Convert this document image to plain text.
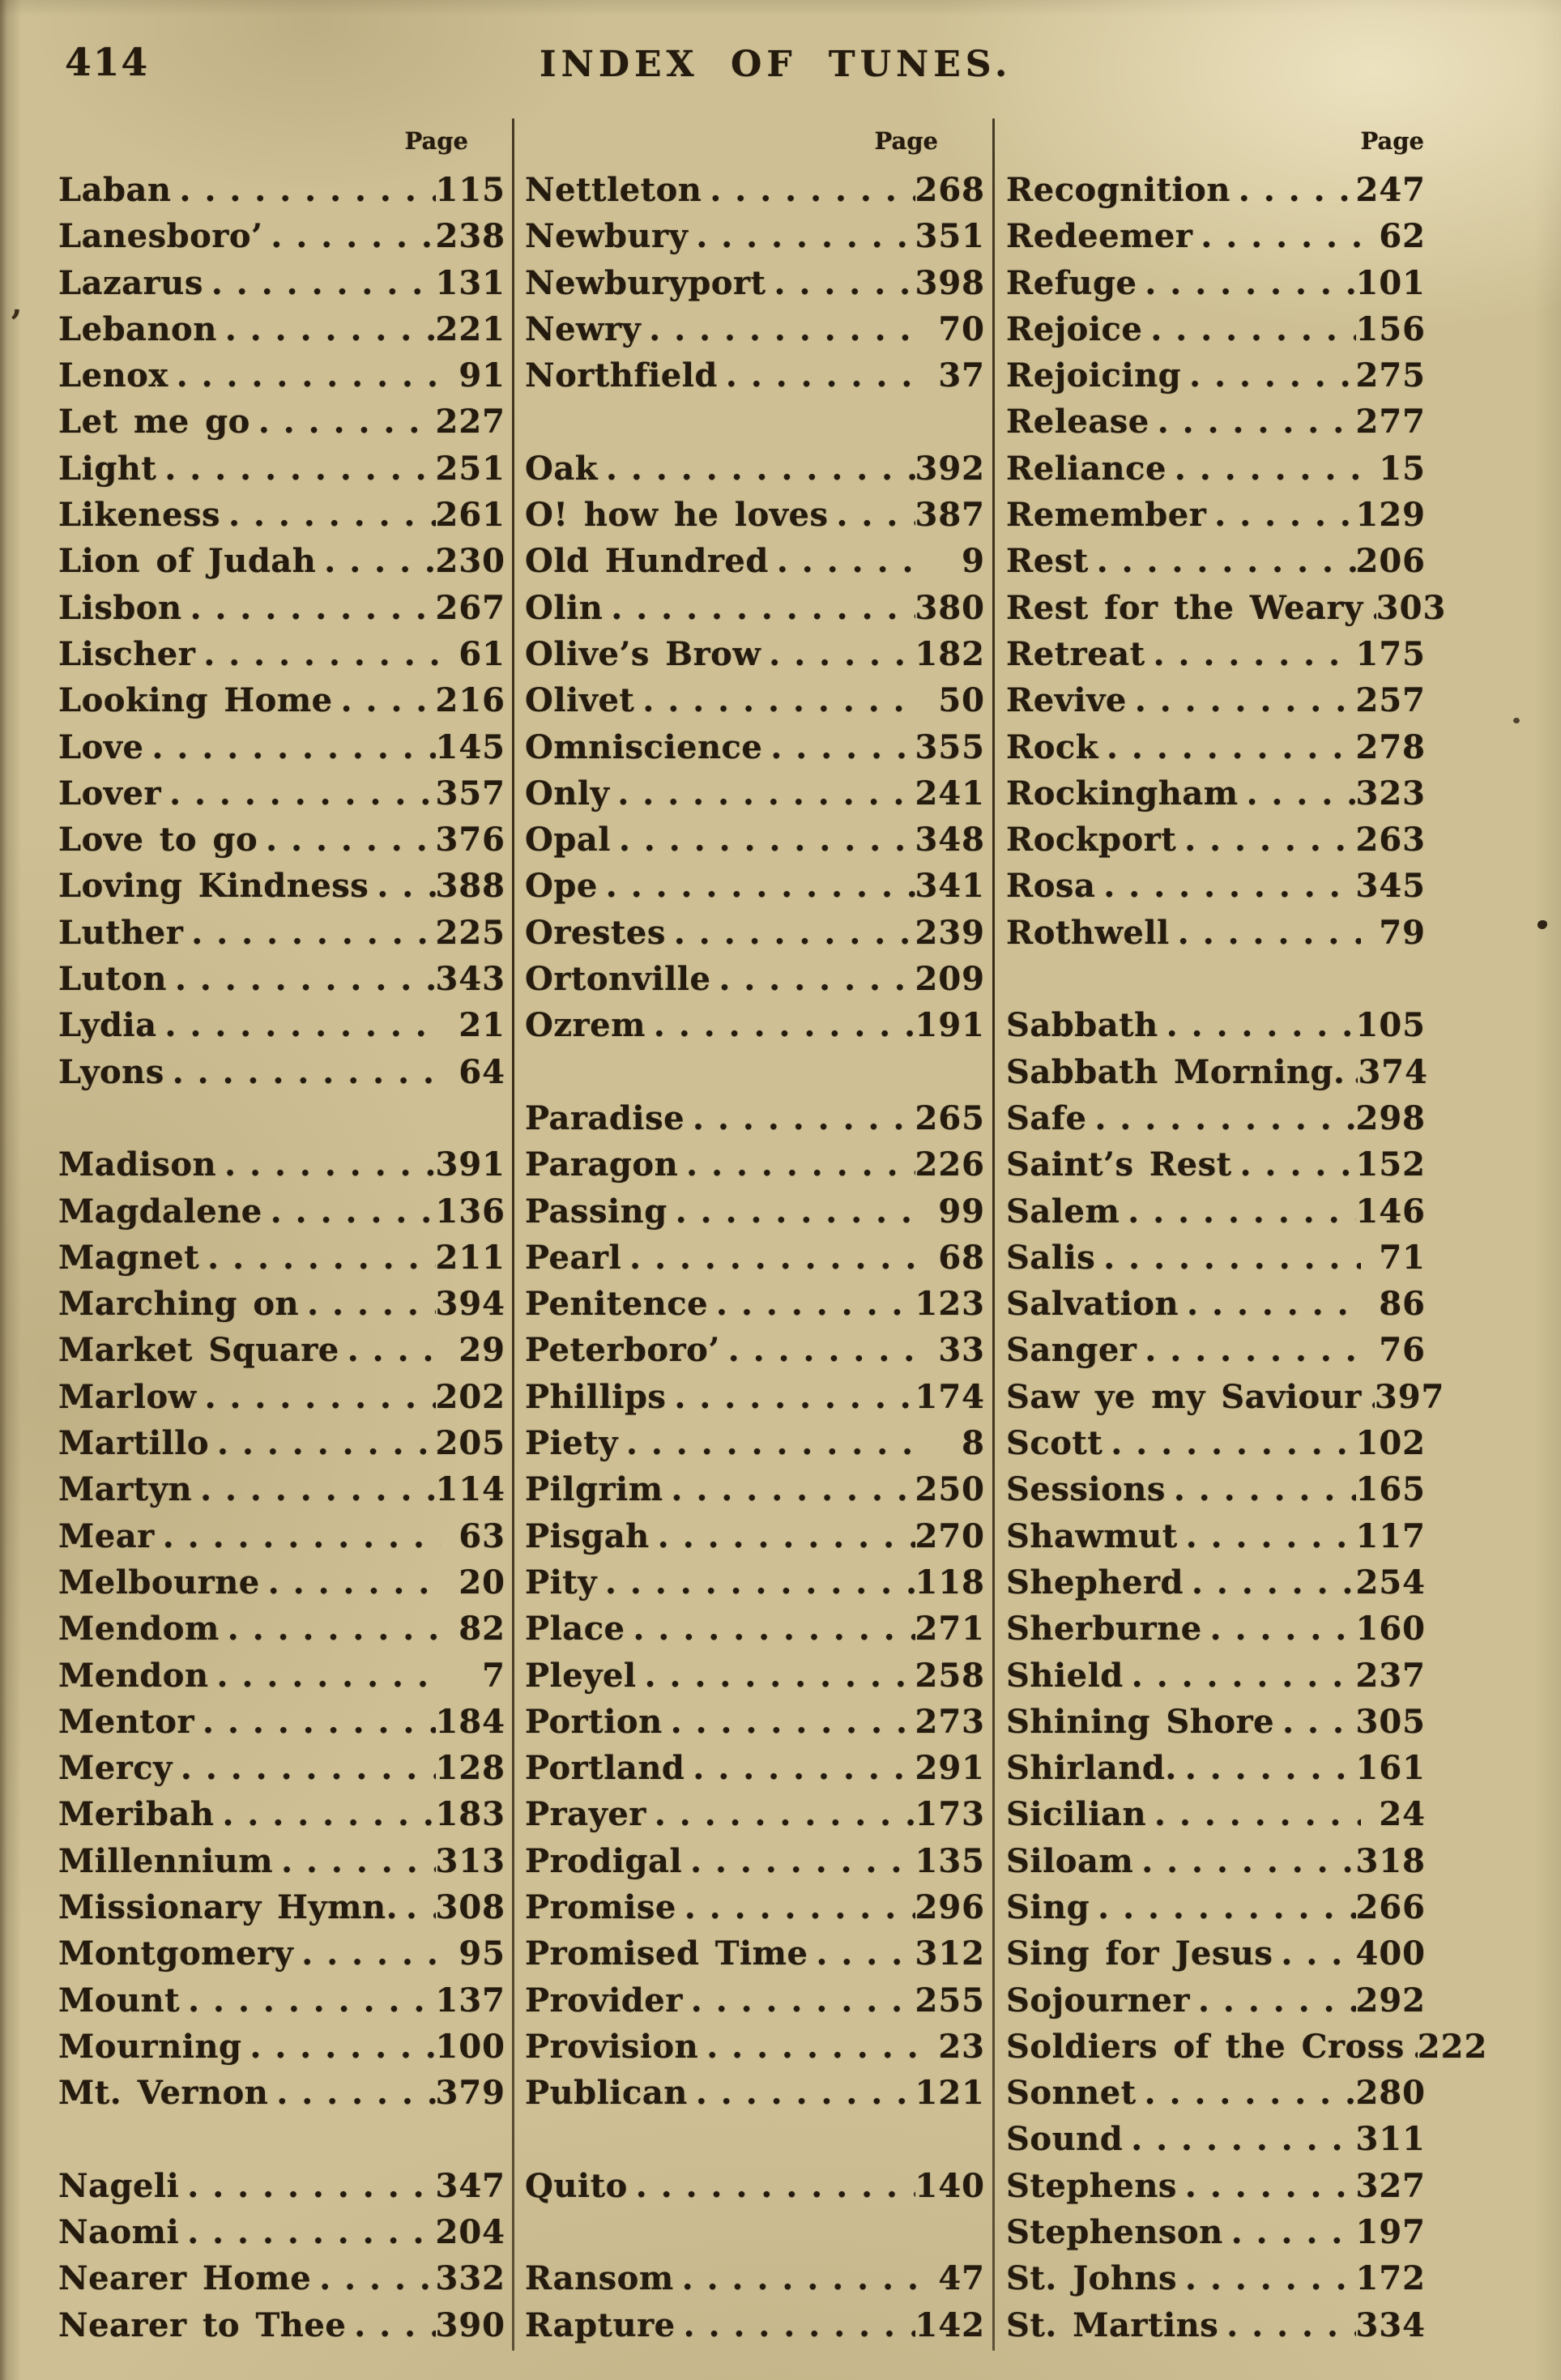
414	INDEX OF TUNES.
Page
Laban .....	115
Lanesboro’ .....	238
Lazarus .....	131
Lebanon .....	221
Lenox .....	91
Let me go .....	227
Light .....	251
Likeness .....	261
Lion of Judah .....	230
Lisbon .....	267
Lischer .....	61
Looking Home .....	216
Love .....	145
Lover .....	357
Love to go .....	376
Loving Kindness ..... 388
Luther .....	225
Luton .....	343
Lydia .....	21
Lyons .....	64
Madison .....	391
Magdalene .....	136
Magnet .....	211
Marching on .....	394
Market Square .....	29
Marlow .....	202
Martillo .....	205
Martyn .....	114
Mear .....	63
Melbourne .....	20
Mendom .....	82
Mendon .....	7
Mentor .....	184
Mercy .....	128
Meribah .....	183
Millennium .....	313
Missionary Hymn. ..... 308
Montgomery .....	95
Mount .....	137
Mourning .....	100
Mt. Vernon .....	379
Nageli .....	347
Naomi .....	204
Nearer Home .....	332
Nearer to Thee .....	390
Page
Nettleton .....	268
Newbury .....	351
Newburyport .....	398
Newry .....	70
Northfield .....	37
Oak .....	392
O! how he loves .....	387
Old Hundred .....	9
Olin .....	380
Olive’s Brow .....	182
Olivet .....	50
Omniscience .....	355
Only .....	241
Opal .....	348
Ope .....	341
Orestes .....	239
Ortonville .....	209
Ozrem .....	191
Paradise .....	265
Paragon .....	226
Passing .....	99
Pearl .....	68
Penitence .....	123
Peterboro’ .....	33
Phillips .....	174
Piety .....	8
Pilgrim .....	250
Pisgah .....	270
Pity .....	118
Place .....	271
Pleyel .....	258
Portion .....	273
Portland .....	291
Prayer .....	173
Prodigal .....	135
Promise .....	296
Promised Time .....	312
Provider .....	255
Provision .....	23
Publican .....	121
Quito .....	140
Ransom .....	47
Rapture .....	142
Page
Recognition .....	247
Redeemer .....	62
Refuge .....	101
Rejoice .....	156
Rejoicing .....	275
Release .....	277
Reliance .....	15
Remember .....	129
Rest .....	206
Rest for the Weary ..... 303
Retreat .....	175
Revive .....	257
Rock .....	278
Rockingham .....	323
Rockport .....	263
Rosa .....	345
Rothwell .....	79
Sabbath .....	105
Sabbath Morning. ..... 374
Safe .....	298
Saint’s Rest .....	152
Salem .....	146
Salis .....	71
Salvation .....	86
Sanger .....	76
Saw ye my Saviour ..... 397
Scott .....	102
Sessions .....	165
Shawmut .....	117
Shepherd .....	254
Sherburne .....	160
Shield .....	237
Shining Shore .....	305
Shirland. .....	161
Sicilian .....	24
Siloam .....	318
Sing .....	266
Sing for Jesus .....	400
Sojourner .....	292
Soldiers of the Cross ..... 222
Sonnet .....	280
Sound .....	311
Stephens .....	327
Stephenson .....	197
St. Johns .....	172
St. Martins .....	334
,
